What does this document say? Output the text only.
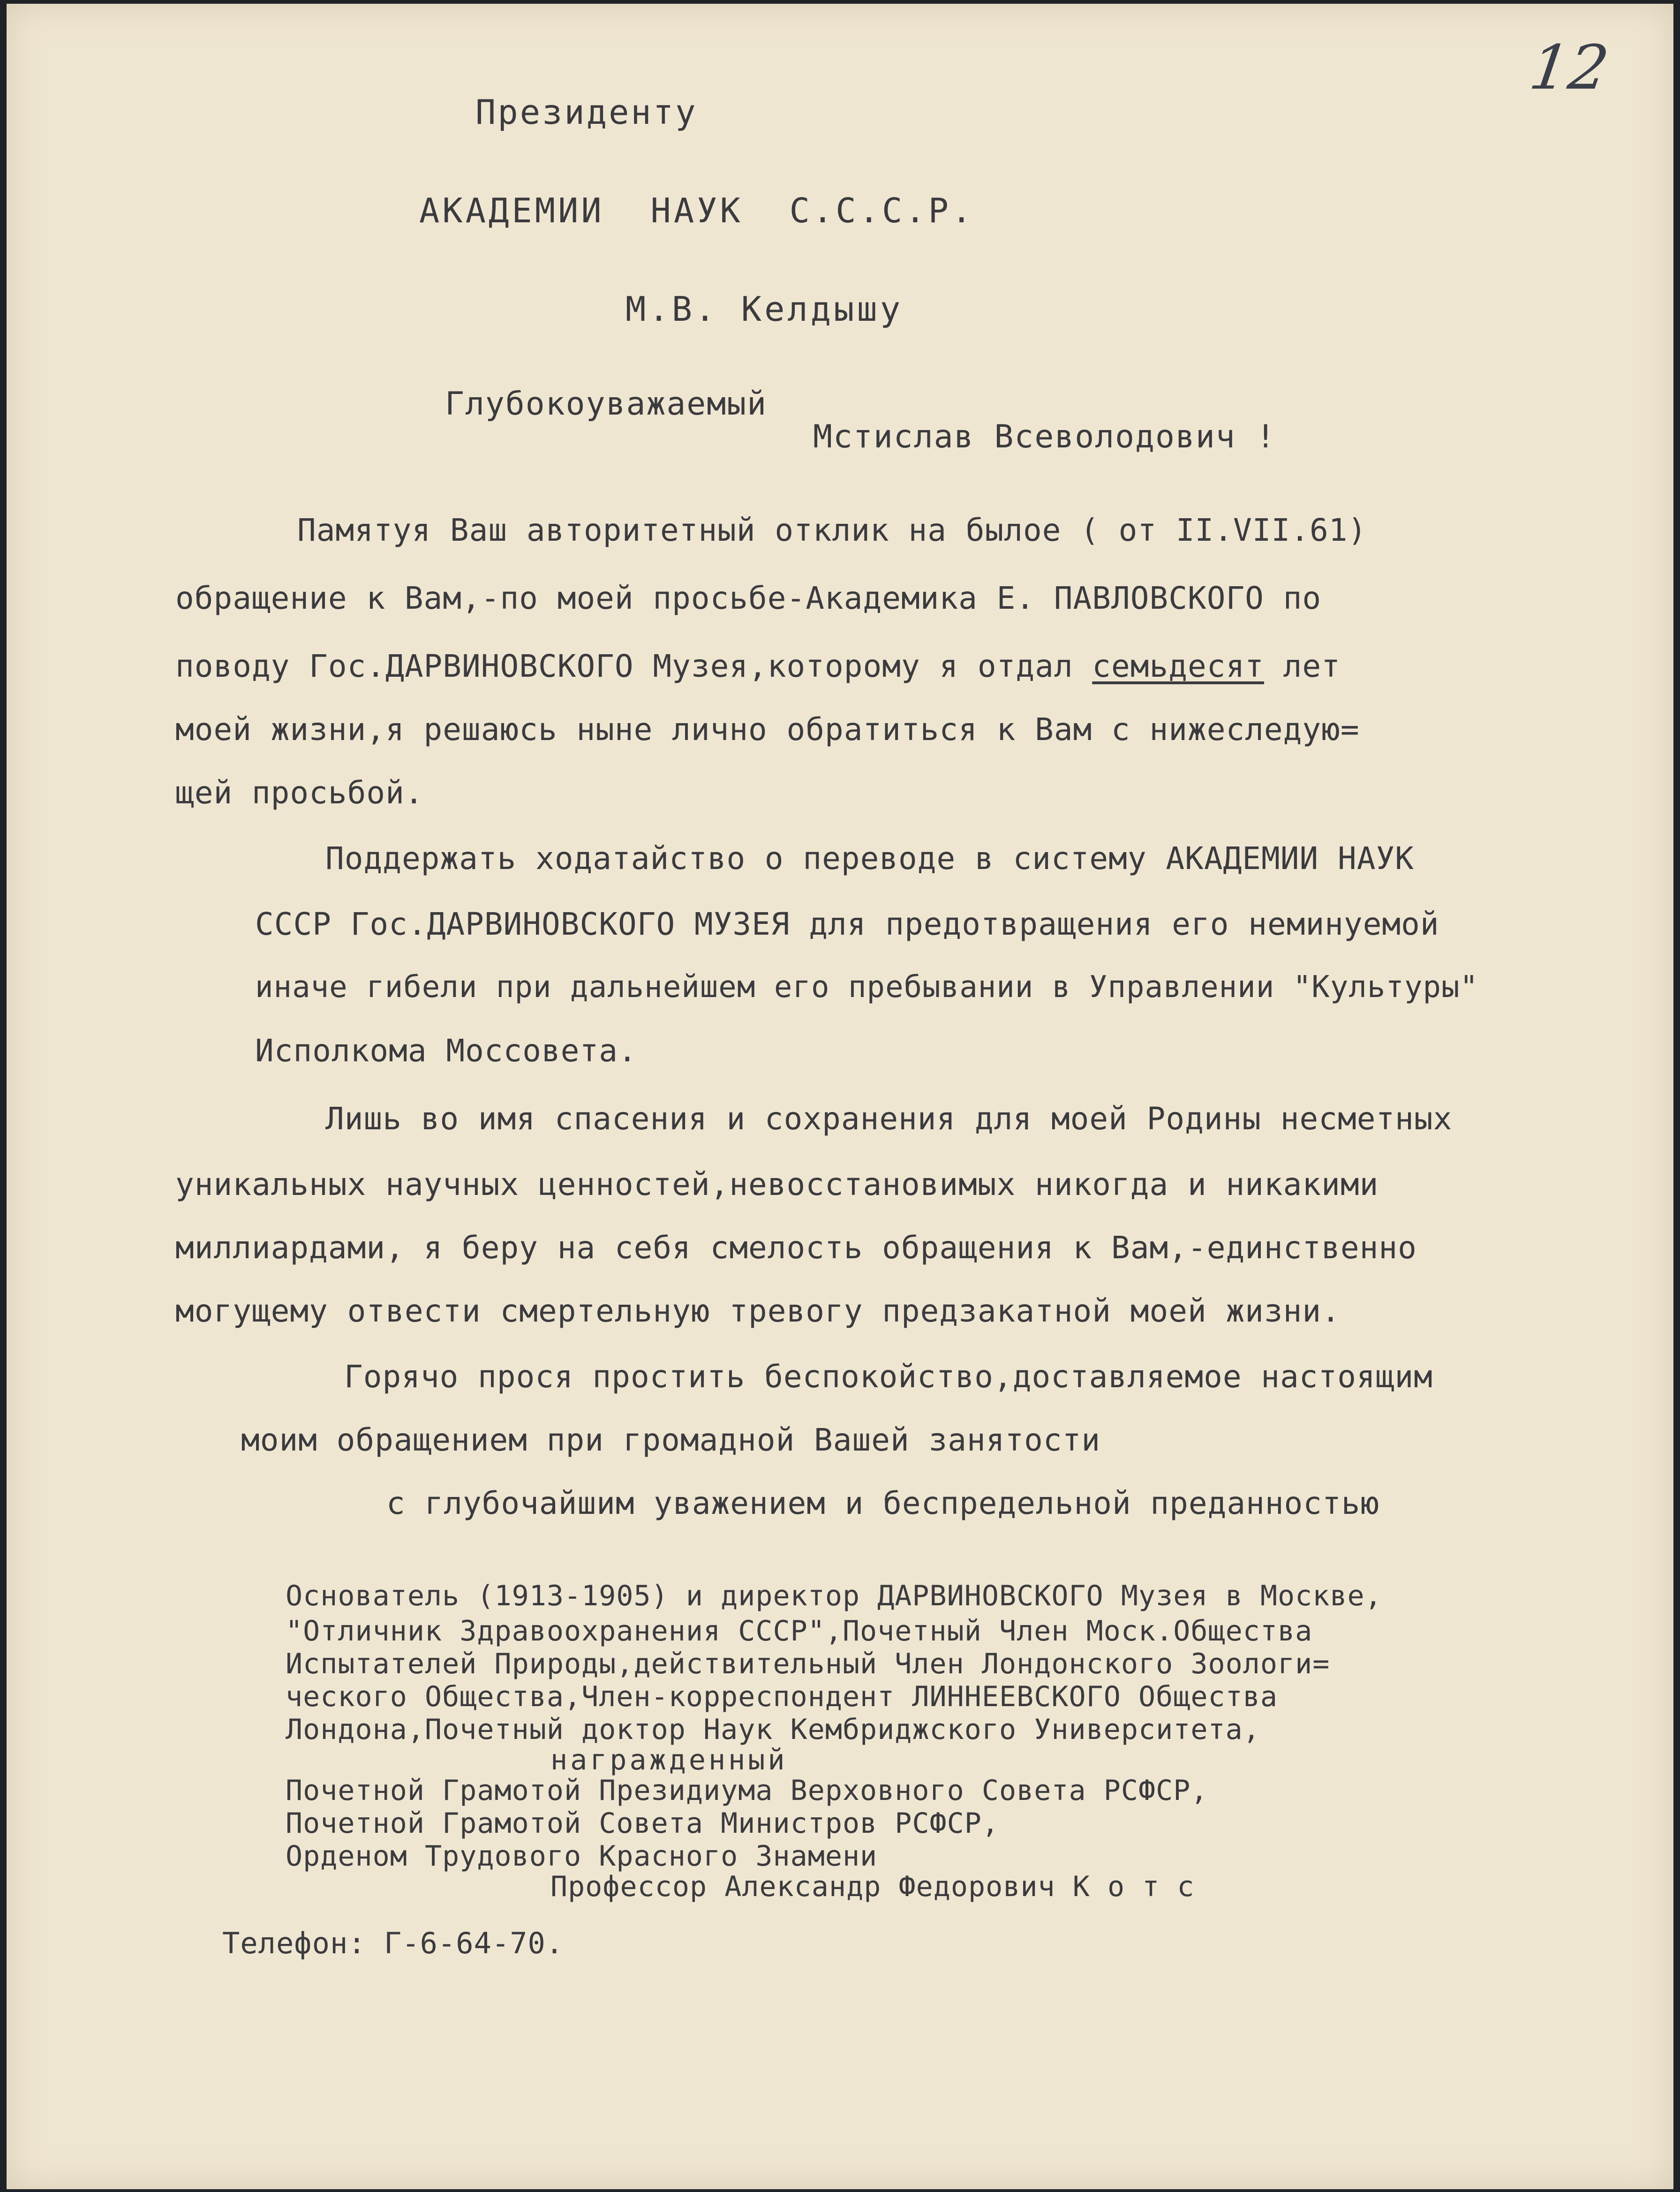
12
Президенту
АКАДЕМИИ  НАУК  С.С.С.Р.
М.В. Келдышу
Глубокоуважаемый
Мстислав Всеволодович !
Памятуя Ваш авторитетный отклик на былое ( от II.VII.61)
обращение к Вам,-по моей просьбе-Академика Е. ПАВЛОВСКОГО по
поводу Гос.ДАРВИНОВСКОГО Музея,которому я отдал семьдесят лет
моей жизни,я решаюсь ныне лично обратиться к Вам с нижеследую=
щей просьбой.
Поддержать ходатайство о переводе в систему АКАДЕМИИ НАУК
СССР Гос.ДАРВИНОВСКОГО МУЗЕЯ для предотвращения его неминуемой
иначе гибели при дальнейшем его пребывании в Управлении "Культуры"
Исполкома Моссовета.
Лишь во имя спасения и сохранения для моей Родины несметных
уникальных научных ценностей,невосстановимых никогда и никакими
миллиардами, я беру на себя смелость обращения к Вам,-единственно
могущему отвести смертельную тревогу предзакатной моей жизни.
Горячо прося простить беспокойство,доставляемое настоящим
моим обращением при громадной Вашей занятости
с глубочайшим уважением и беспредельной преданностью
Основатель (1913-1905) и директор ДАРВИНОВСКОГО Музея в Москве,
"Отличник Здравоохранения СССР",Почетный Член Моск.Общества
Испытателей Природы,действительный Член Лондонского Зоологи=
ческого Общества,Член-корреспондент ЛИННЕЕВСКОГО Общества
Лондона,Почетный доктор Наук Кембриджского Университета,
награжденный
Почетной Грамотой Президиума Верховного Совета РСФСР,
Почетной Грамотой Совета Министров РСФСР,
Орденом Трудового Красного Знамени
Профессор Александр Федорович К о т с
Телефон: Г-6-64-70.
